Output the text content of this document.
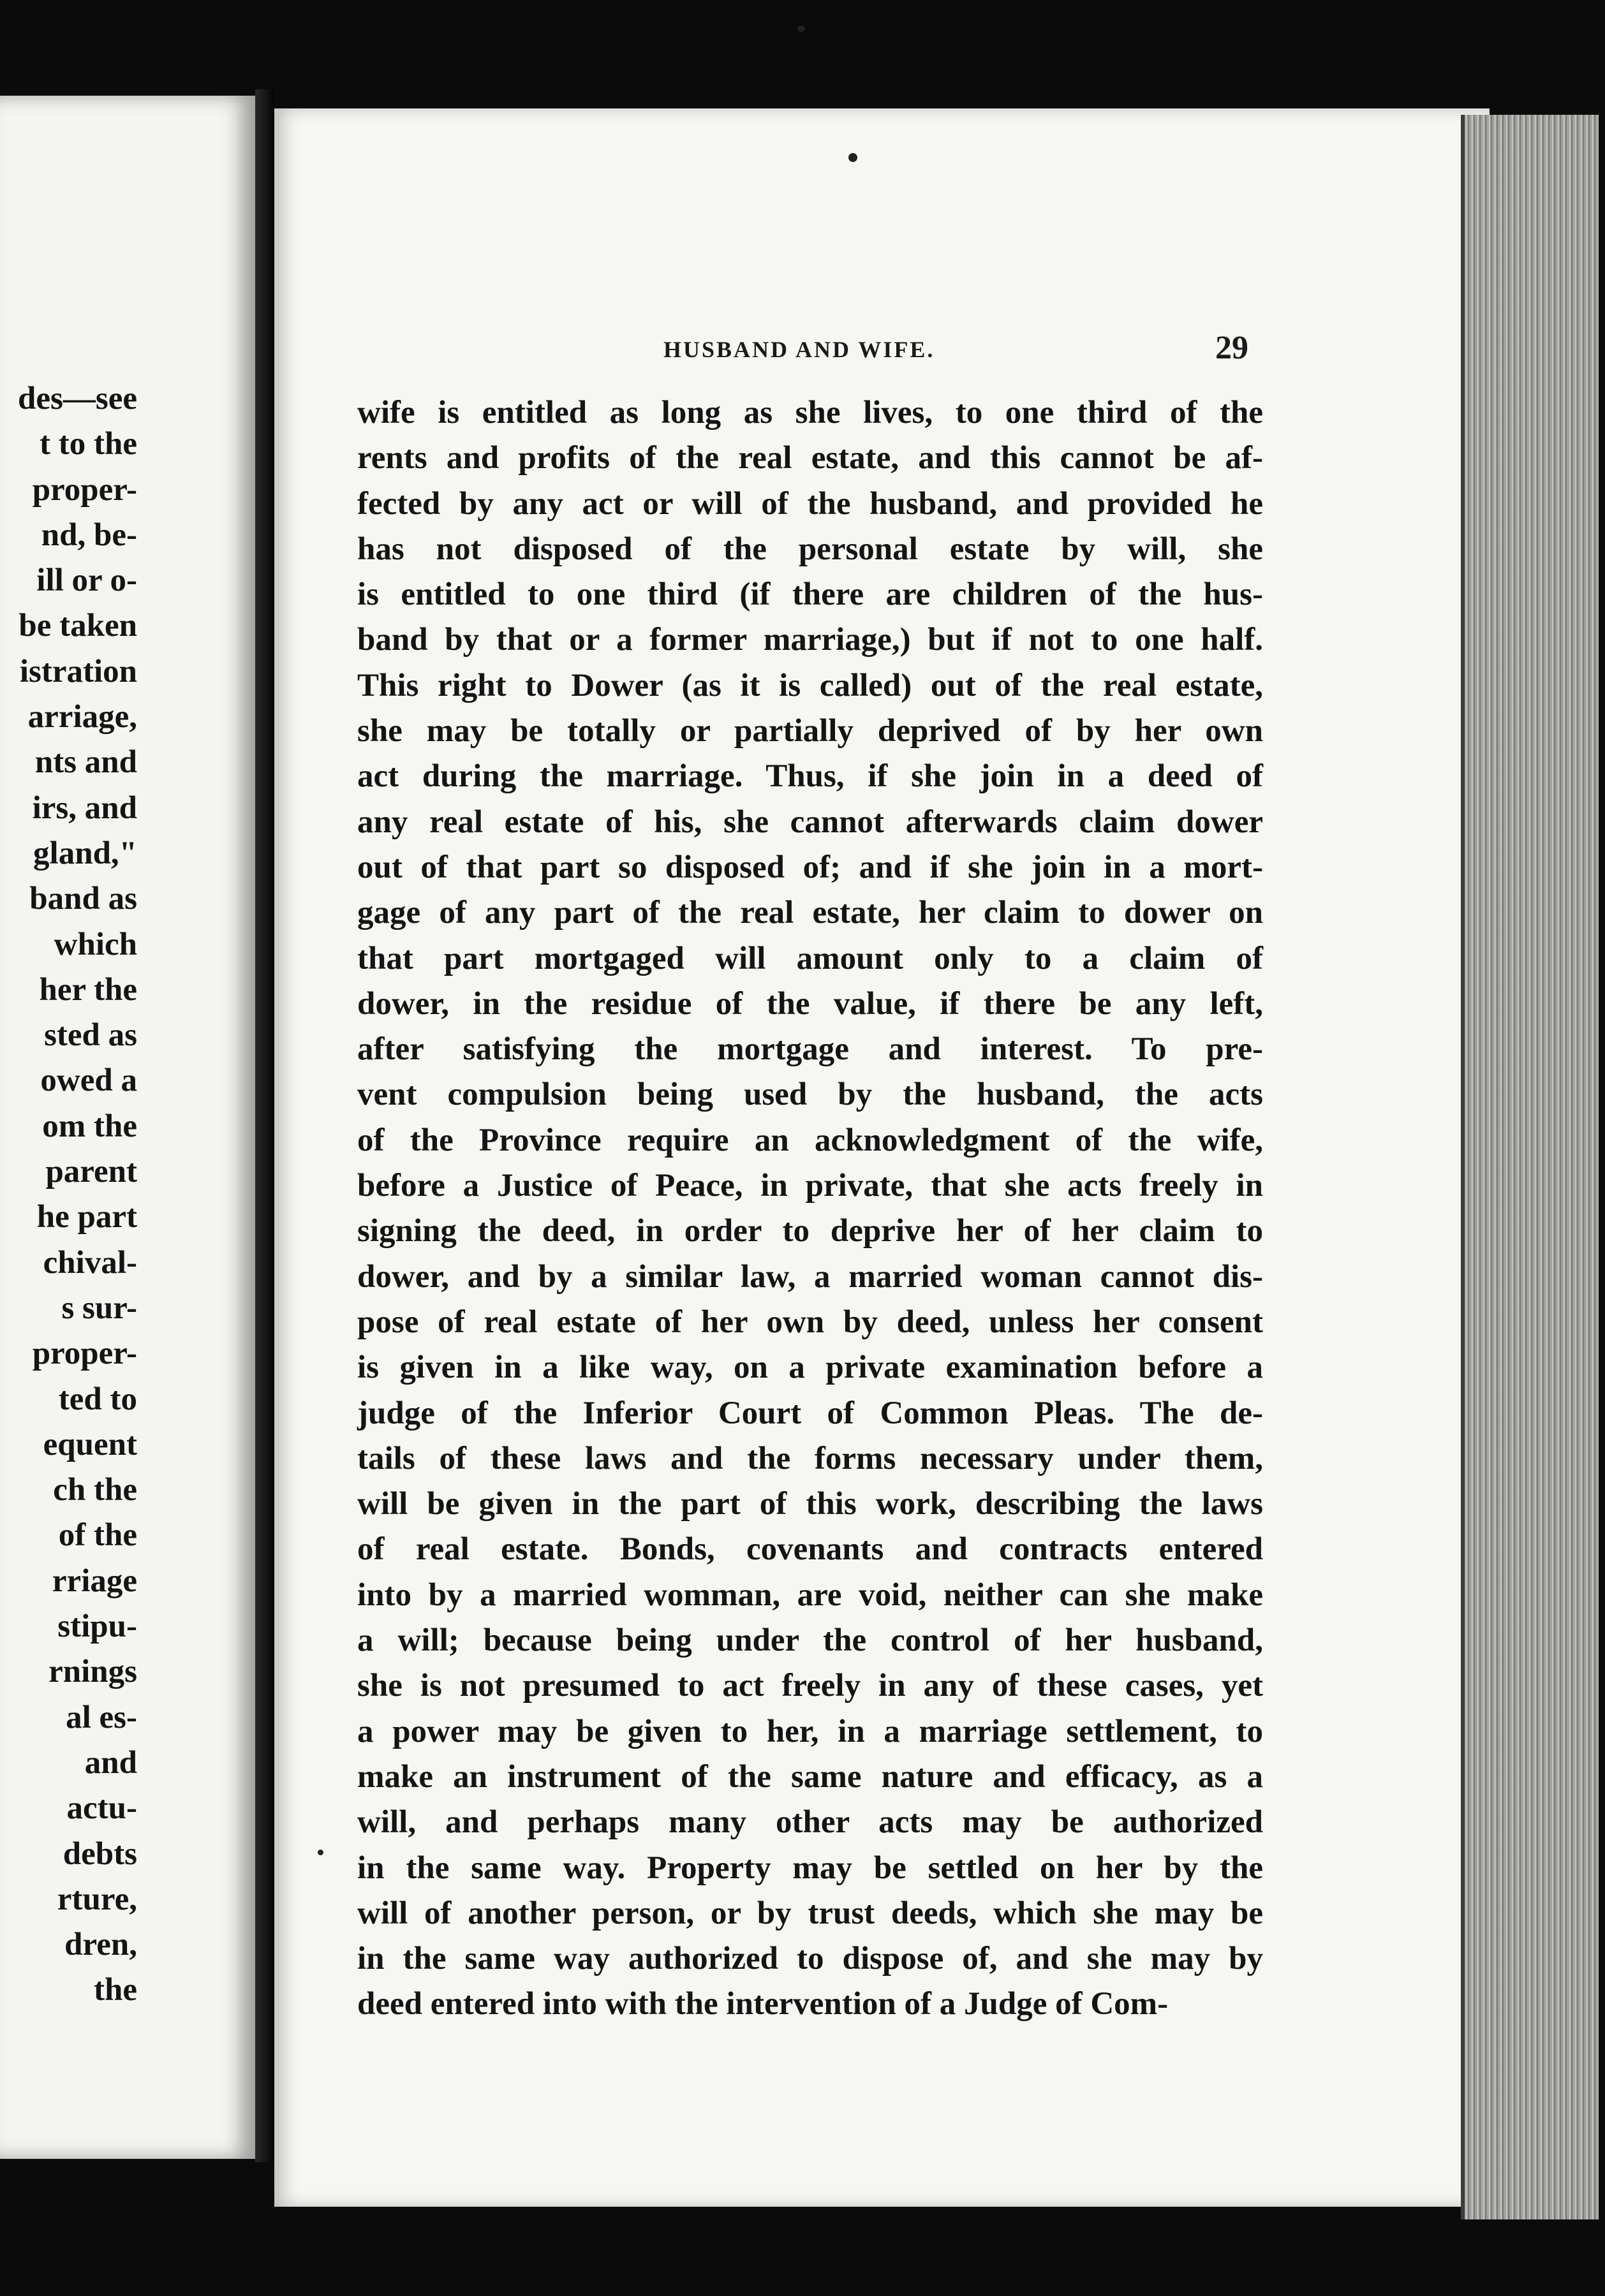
des—see
t to the
proper-
nd, be-
ill or o-
be taken
istration
arriage,
nts and
irs, and
gland,"
band as
which
her the
sted as
owed a
om the
parent
he part
chival-
s sur-
proper-
ted to
equent
ch the
of the
rriage
stipu-
rnings
al es-
and
actu-
debts
rture,
dren,
the
HUSBAND AND WIFE.	29
wife is entitled as long as she lives, to one third of the
rents and profits of the real estate, and this cannot be af-
fected by any act or will of the husband, and provided he
has not disposed of the personal estate by will, she
is entitled to one third (if there are children of the hus-
band by that or a former marriage,) but if not to one half.
This right to Dower (as it is called) out of the real estate,
she may be totally or partially deprived of by her own
act during the marriage. Thus, if she join in a deed of
any real estate of his, she cannot afterwards claim dower
out of that part so disposed of; and if she join in a mort-
gage of any part of the real estate, her claim to dower on
that part mortgaged will amount only to a claim of
dower, in the residue of the value, if there be any left,
after satisfying the mortgage and interest. To pre-
vent compulsion being used by the husband, the acts
of the Province require an acknowledgment of the wife,
before a Justice of Peace, in private, that she acts freely in
signing the deed, in order to deprive her of her claim to
dower, and by a similar law, a married woman cannot dis-
pose of real estate of her own by deed, unless her consent
is given in a like way, on a private examination before a
judge of the Inferior Court of Common Pleas. The de-
tails of these laws and the forms necessary under them,
will be given in the part of this work, describing the laws
of real estate. Bonds, covenants and contracts entered
into by a married womman, are void, neither can she make
a will; because being under the control of her husband,
she is not presumed to act freely in any of these cases, yet
a power may be given to her, in a marriage settlement, to
make an instrument of the same nature and efficacy, as a
will, and perhaps many other acts may be authorized
in the same way. Property may be settled on her by the
will of another person, or by trust deeds, which she may be
in the same way authorized to dispose of, and she may by
deed entered into with the intervention of a Judge of Com-
